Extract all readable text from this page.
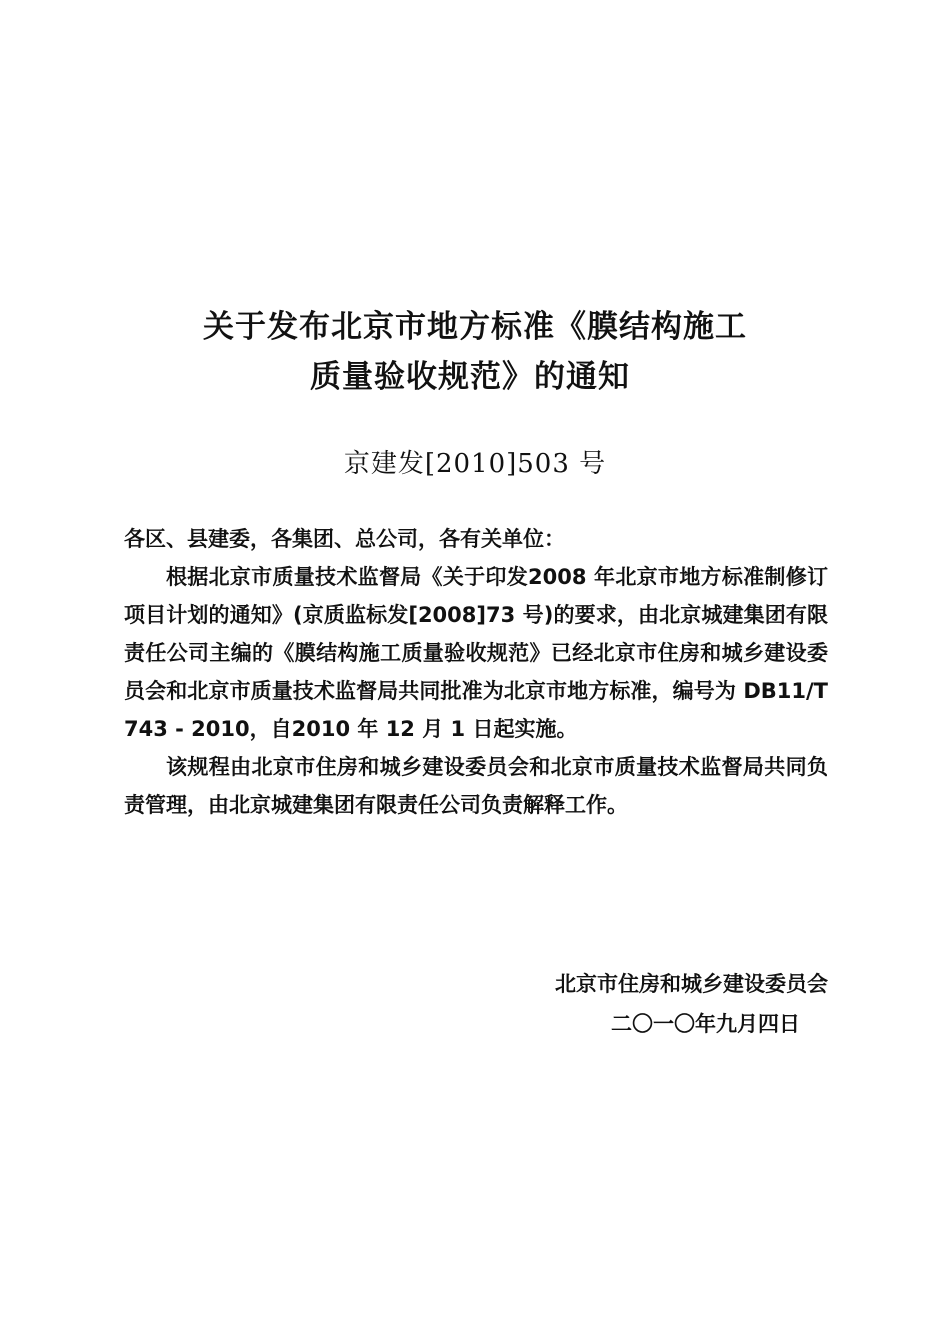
关于发布北京市地方标准《膜结构施工
质量验收规范》的通知
京建发[2010]503 号
各区、县建委，各集团、总公司，各有关单位：

根据北京市质量技术监督局《关于印发2008 年北京市地方标准制修订项目计划的通知》(京质监标发[2008]73 号)的要求，由北京城建集团有限责任公司主编的《膜结构施工质量验收规范》已经北京市住房和城乡建设委员会和北京市质量技术监督局共同批准为北京市地方标准，编号为 DB11/T 743 - 2010，自2010 年 12 月 1 日起实施。

该规程由北京市住房和城乡建设委员会和北京市质量技术监督局共同负责管理，由北京城建集团有限责任公司负责解释工作。

北京市住房和城乡建设委员会
二〇一〇年九月四日
